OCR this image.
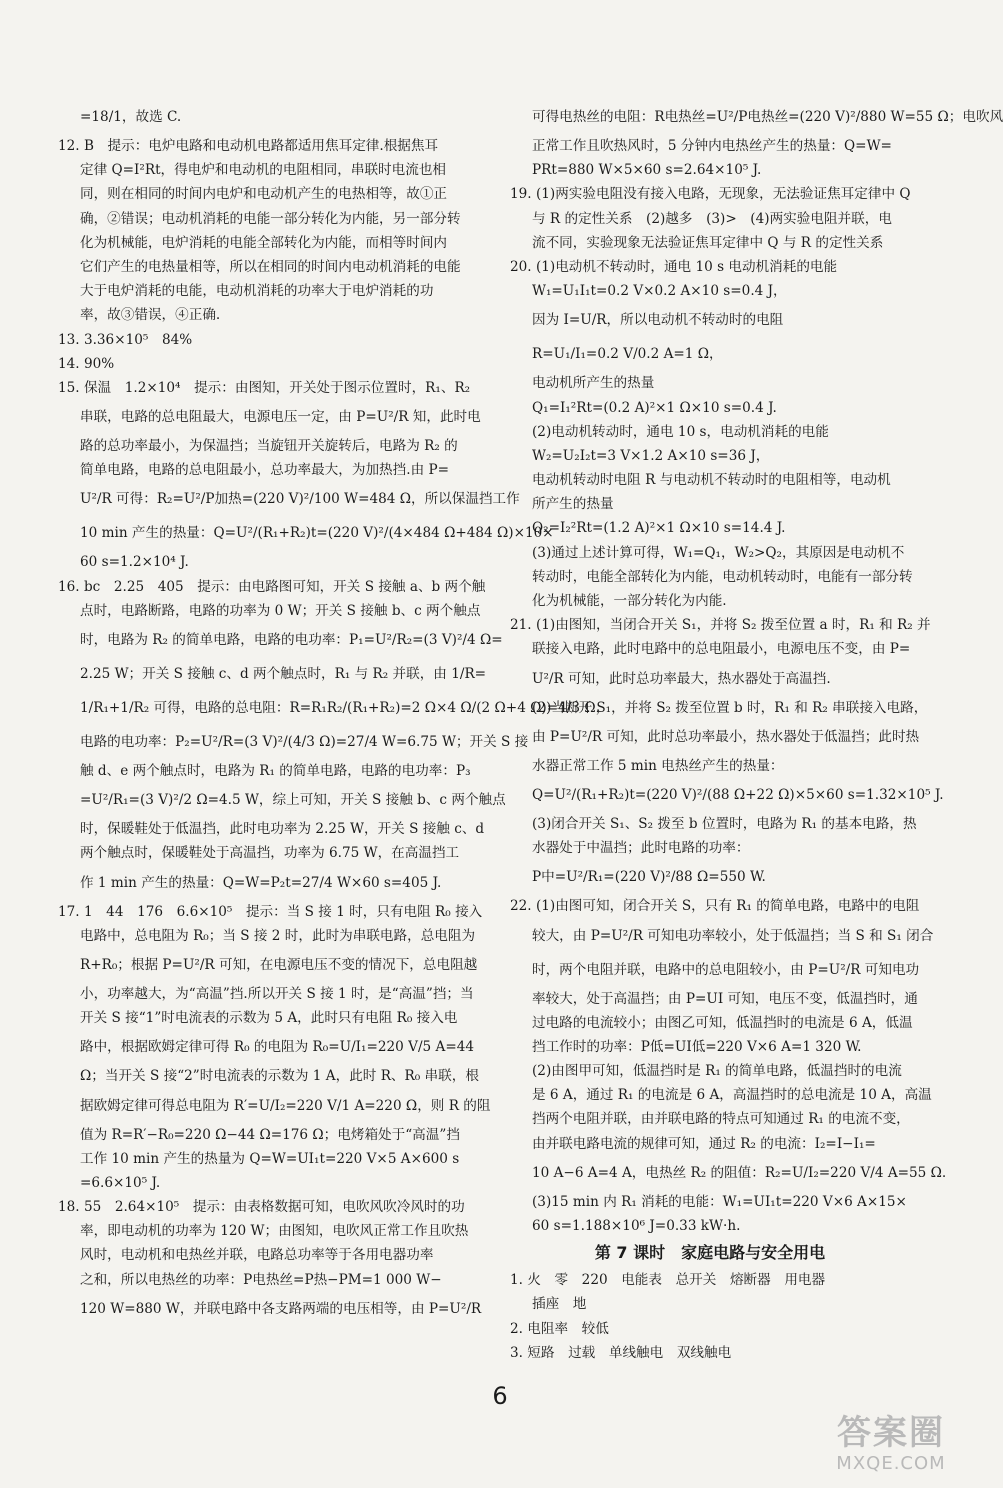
=18/1，故选 C.
12. B　提示：电炉电路和电动机电路都适用焦耳定律.根据焦耳
定律 Q=I²Rt，得电炉和电动机的电阻相同，串联时电流也相
同，则在相同的时间内电炉和电动机产生的电热相等，故①正
确，②错误；电动机消耗的电能一部分转化为内能，另一部分转
化为机械能，电炉消耗的电能全部转化为内能，而相等时间内
它们产生的电热量相等，所以在相同的时间内电动机消耗的电能
大于电炉消耗的电能，电动机消耗的功率大于电炉消耗的功
率，故③错误，④正确.
13. 3.36×10⁵　84%
14. 90%
15. 保温　1.2×10⁴　提示：由图知，开关处于图示位置时，R₁、R₂
串联，电路的总电阻最大，电源电压一定，由 P=U²/R 知，此时电
路的总功率最小，为保温挡；当旋钮开关旋转后，电路为 R₂ 的
简单电路，电路的总电阻最小，总功率最大，为加热挡.由 P=
U²/R 可得：R₂=U²/P加热=(220 V)²/100 W=484 Ω，所以保温挡工作
10 min 产生的热量：Q=U²/(R₁+R₂)t=(220 V)²/(4×484 Ω+484 Ω)×10×
60 s=1.2×10⁴ J.
16. bc　2.25　405　提示：由电路图可知，开关 S 接触 a、b 两个触
点时，电路断路，电路的功率为 0 W；开关 S 接触 b、c 两个触点
时，电路为 R₂ 的简单电路，电路的电功率：P₁=U²/R₂=(3 V)²/4 Ω=
2.25 W；开关 S 接触 c、d 两个触点时，R₁ 与 R₂ 并联，由 1/R=
1/R₁+1/R₂ 可得，电路的总电阻：R=R₁R₂/(R₁+R₂)=2 Ω×4 Ω/(2 Ω+4 Ω)=4/3 Ω，
电路的电功率：P₂=U²/R=(3 V)²/(4/3 Ω)=27/4 W=6.75 W；开关 S 接
触 d、e 两个触点时，电路为 R₁ 的简单电路，电路的电功率：P₃
=U²/R₁=(3 V)²/2 Ω=4.5 W，综上可知，开关 S 接触 b、c 两个触点
时，保暖鞋处于低温挡，此时电功率为 2.25 W，开关 S 接触 c、d
两个触点时，保暖鞋处于高温挡，功率为 6.75 W，在高温挡工
作 1 min 产生的热量：Q=W=P₂t=27/4 W×60 s=405 J.
17. 1　44　176　6.6×10⁵　提示：当 S 接 1 时，只有电阻 R₀ 接入
电路中，总电阻为 R₀；当 S 接 2 时，此时为串联电路，总电阻为
R+R₀；根据 P=U²/R 可知，在电源电压不变的情况下，总电阻越
小，功率越大，为“高温”挡.所以开关 S 接 1 时，是“高温”挡；当
开关 S 接“1”时电流表的示数为 5 A，此时只有电阻 R₀ 接入电
路中，根据欧姆定律可得 R₀ 的电阻为 R₀=U/I₁=220 V/5 A=44
Ω；当开关 S 接“2”时电流表的示数为 1 A，此时 R、R₀ 串联，根
据欧姆定律可得总电阻为 R′=U/I₂=220 V/1 A=220 Ω，则 R 的阻
值为 R=R′−R₀=220 Ω−44 Ω=176 Ω；电烤箱处于“高温”挡
工作 10 min 产生的热量为 Q=W=UI₁t=220 V×5 A×600 s
=6.6×10⁵ J.
18. 55　2.64×10⁵　提示：由表格数据可知，电吹风吹冷风时的功
率，即电动机的功率为 120 W；由图知，电吹风正常工作且吹热
风时，电动机和电热丝并联，电路总功率等于各用电器功率
之和，所以电热丝的功率：P电热丝=P热−PM=1 000 W−
120 W=880 W，并联电路中各支路两端的电压相等，由 P=U²/R
可得电热丝的电阻：R电热丝=U²/P电热丝=(220 V)²/880 W=55 Ω；电吹风
正常工作且吹热风时，5 分钟内电热丝产生的热量：Q=W=
PRt=880 W×5×60 s=2.64×10⁵ J.
19. (1)两实验电阻没有接入电路，无现象，无法验证焦耳定律中 Q
与 R 的定性关系　(2)越多　(3)>　(4)两实验电阻并联，电
流不同，实验现象无法验证焦耳定律中 Q 与 R 的定性关系
20. (1)电动机不转动时，通电 10 s 电动机消耗的电能
W₁=U₁I₁t=0.2 V×0.2 A×10 s=0.4 J，
因为 I=U/R，所以电动机不转动时的电阻
R=U₁/I₁=0.2 V/0.2 A=1 Ω，
电动机所产生的热量
Q₁=I₁²Rt=(0.2 A)²×1 Ω×10 s=0.4 J.
(2)电动机转动时，通电 10 s，电动机消耗的电能
W₂=U₂I₂t=3 V×1.2 A×10 s=36 J，
电动机转动时电阻 R 与电动机不转动时的电阻相等，电动机
所产生的热量
Q₂=I₂²Rt=(1.2 A)²×1 Ω×10 s=14.4 J.
(3)通过上述计算可得，W₁=Q₁，W₂>Q₂，其原因是电动机不
转动时，电能全部转化为内能，电动机转动时，电能有一部分转
化为机械能，一部分转化为内能.
21. (1)由图知，当闭合开关 S₁，并将 S₂ 拨至位置 a 时，R₁ 和 R₂ 并
联接入电路，此时电路中的总电阻最小，电源电压不变，由 P=
U²/R 可知，此时总功率最大，热水器处于高温挡.
(2)当断开 S₁，并将 S₂ 拨至位置 b 时，R₁ 和 R₂ 串联接入电路，
由 P=U²/R 可知，此时总功率最小，热水器处于低温挡；此时热
水器正常工作 5 min 电热丝产生的热量：
Q=U²/(R₁+R₂)t=(220 V)²/(88 Ω+22 Ω)×5×60 s=1.32×10⁵ J.
(3)闭合开关 S₁、S₂ 拨至 b 位置时，电路为 R₁ 的基本电路，热
水器处于中温挡；此时电路的功率：
P中=U²/R₁=(220 V)²/88 Ω=550 W.
22. (1)由图可知，闭合开关 S，只有 R₁ 的简单电路，电路中的电阻
较大，由 P=U²/R 可知电功率较小，处于低温挡；当 S 和 S₁ 闭合
时，两个电阻并联，电路中的总电阻较小，由 P=U²/R 可知电功
率较大，处于高温挡；由 P=UI 可知，电压不变，低温挡时，通
过电路的电流较小；由图乙可知，低温挡时的电流是 6 A，低温
挡工作时的功率：P低=UI低=220 V×6 A=1 320 W.
(2)由图甲可知，低温挡时是 R₁ 的简单电路，低温挡时的电流
是 6 A，通过 R₁ 的电流是 6 A，高温挡时的总电流是 10 A，高温
挡两个电阻并联，由并联电路的特点可知通过 R₁ 的电流不变，
由并联电路电流的规律可知，通过 R₂ 的电流：I₂=I−I₁=
10 A−6 A=4 A，电热丝 R₂ 的阻值：R₂=U/I₂=220 V/4 A=55 Ω.
(3)15 min 内 R₁ 消耗的电能：W₁=UI₁t=220 V×6 A×15×
60 s=1.188×10⁶ J=0.33 kW·h.
第 7 课时　家庭电路与安全用电
1. 火　零　220　电能表　总开关　熔断器　用电器
插座　地
2. 电阻率　较低
3. 短路　过载　单线触电　双线触电
6
答案圈
MXQE.COM
